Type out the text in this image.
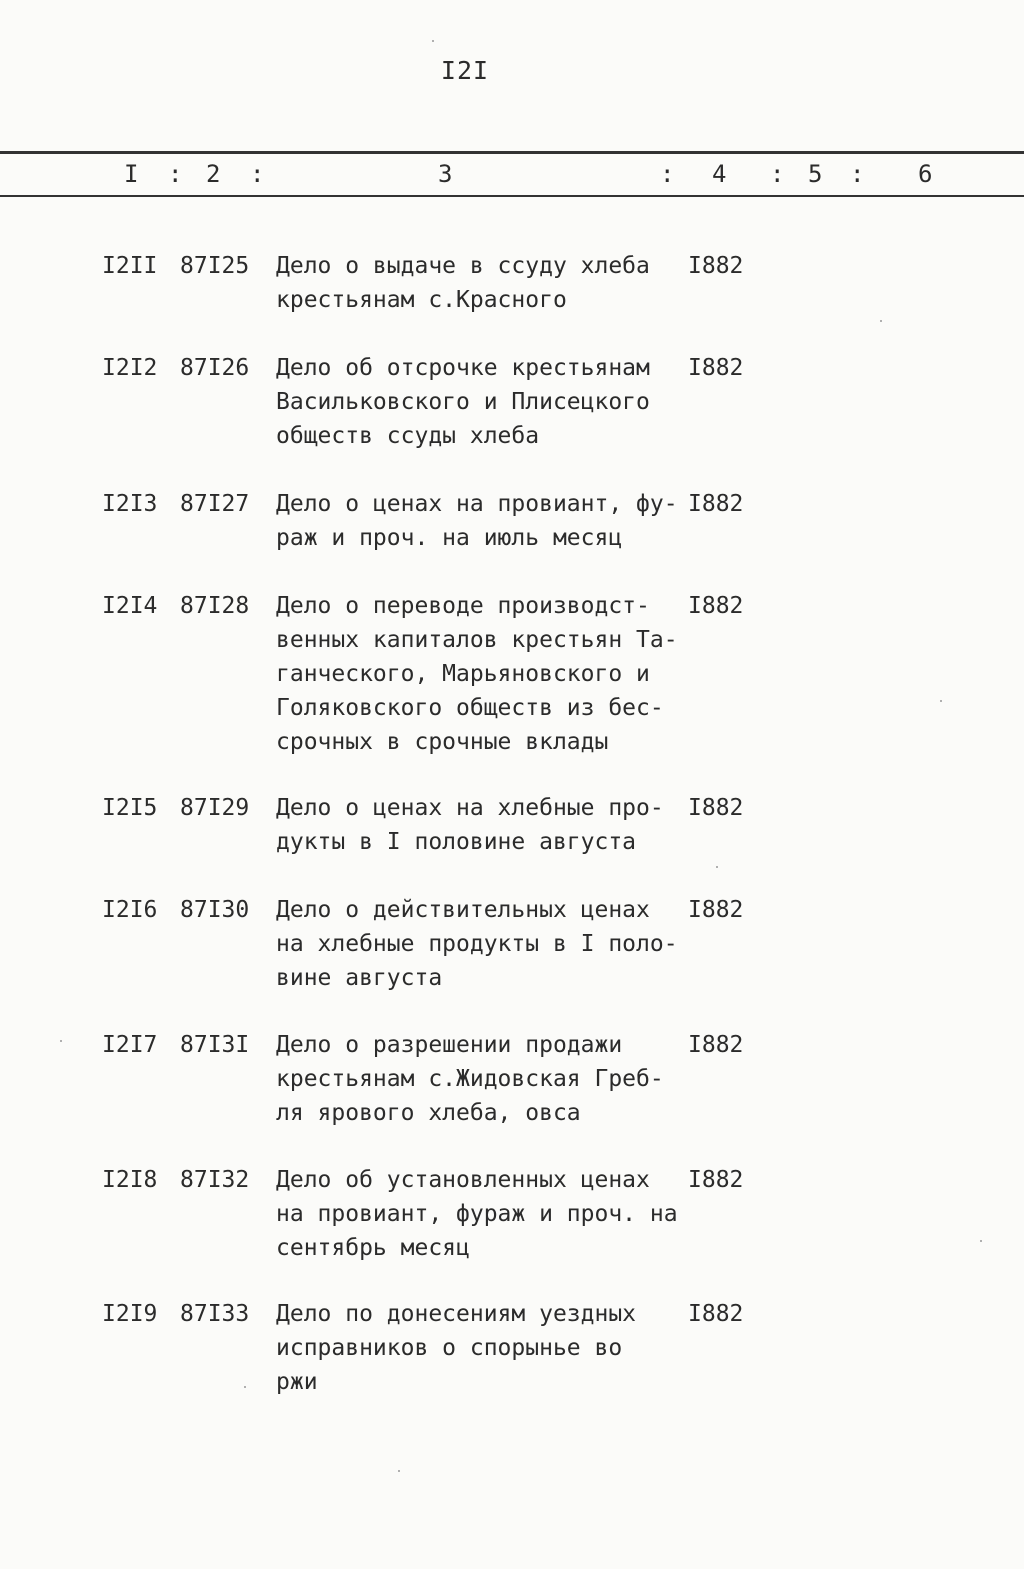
I2I
I : 2 :	3	: 4 : 5 : 6
I2II 87I25 Дело о выдаче в ссуду хлеба
крестьянам с.Красного
I882
I2I2 87I26 Дело об отсрочке крестьянам
Васильковского и Плисецкого
обществ ссуды хлеба
I882
I2I3 87I27 Дело о ценах на провиант, фу-
раж и проч. на июль месяц
I882
I2I4 87I28 Дело о переводе производст-
венных капиталов крестьян Та-
ганческого, Марьяновского и
Голяковского обществ из бес-
срочных в срочные вклады
I882
I2I5 87I29 Дело о ценах на хлебные про-
дукты в I половине августа
I882
I2I6 87I30 Дело о действительных ценах
на хлебные продукты в I поло-
вине августа
I882
I2I7 87I3I Дело о разрешении продажи
крестьянам с.Жидовская Греб-
ля ярового хлеба, овса
I882
I2I8 87I32 Дело об установленных ценах
на провиант, фураж и проч. на
сентябрь месяц
I882
I2I9 87I33 Дело по донесениям уездных
исправников о спорынье во
ржи
I882
